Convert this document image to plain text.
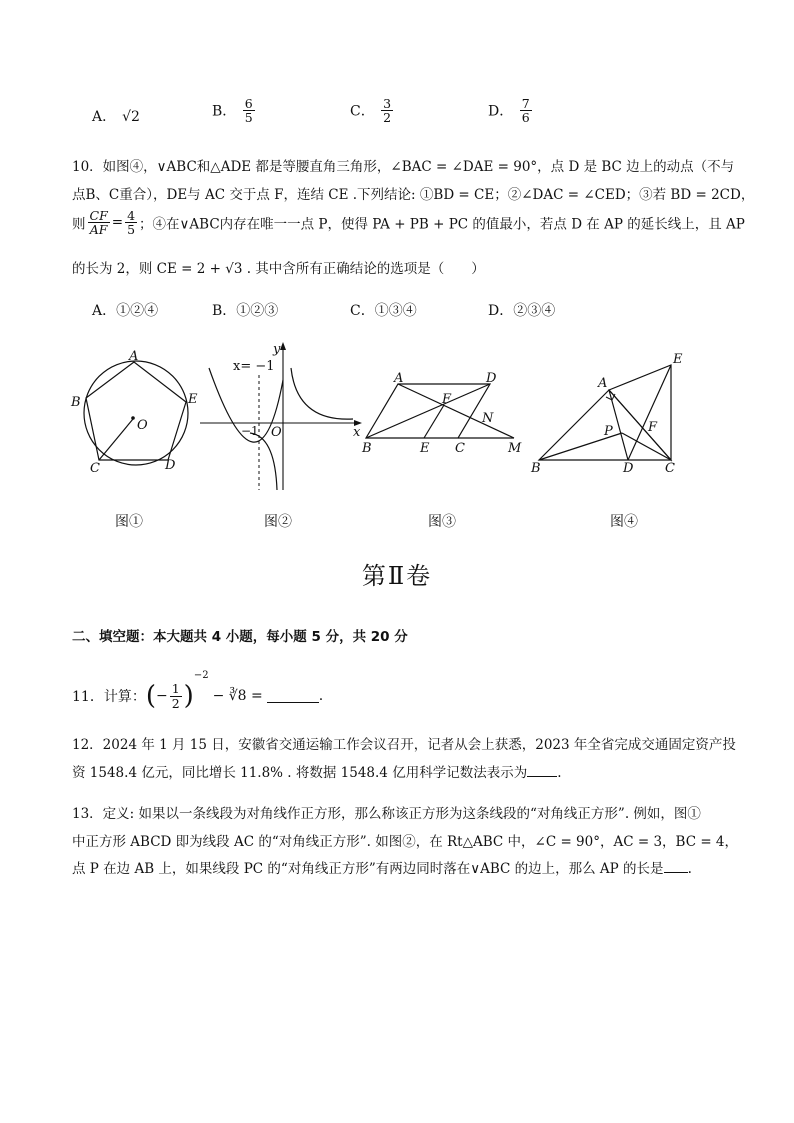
A． √2	B． $\frac{6}{5}$	C． $\frac{3}{2}$	D． $\frac{7}{6}$
10．如图④，∨ABC和△ADE 都是等腰直角三角形，∠BAC = ∠DAE = 90°，点 D 是 BC 边上的动点（不与
点B、C重合），DE与 AC 交于点 F，连结 CE .下列结论: ①BD = CE；②∠DAC = ∠CED；③若 BD = 2CD，
则 $\frac{CF}{AF} = \frac{4}{5}$ ；④在∨ABC内存在唯一一点 P，使得 PA + PB + PC 的值最小，若点 D 在 AP 的延长线上，且 AP
的长为 2，则 CE = 2 + √3 . 其中含所有正确结论的选项是（　　）
A．①②④	B．①②③	C．①③④	D．②③④
A
B	E
O
C	D
x= −1
y
−1 O	x
A	D
F
N
B	E C	M
E
A
P	F
B	D C
图①	图②	图③	图④
第Ⅱ卷
二、填空题：本大题共 4 小题，每小题 5 分，共 20 分
11．计算：(− $\frac{1}{2} )^{-2}-$ ∛8 =	.
12．2024 年 1 月 15 日，安徽省交通运输工作会议召开，记者从会上获悉，2023 年全省完成交通固定资产投
资 1548.4 亿元，同比增长 11.8% . 将数据 1548.4 亿用科学记数法表示为 .
13．定义: 如果以一条线段为对角线作正方形，那么称该正方形为这条线段的“对角线正方形”. 例如，图①
中正方形 ABCD 即为线段 AC 的“对角线正方形”. 如图②，在 Rt△ABC 中，∠C = 90°，AC = 3，BC = 4，
点 P 在边 AB 上，如果线段 PC 的“对角线正方形”有两边同时落在∨ABC 的边上，那么 AP 的长是 .
